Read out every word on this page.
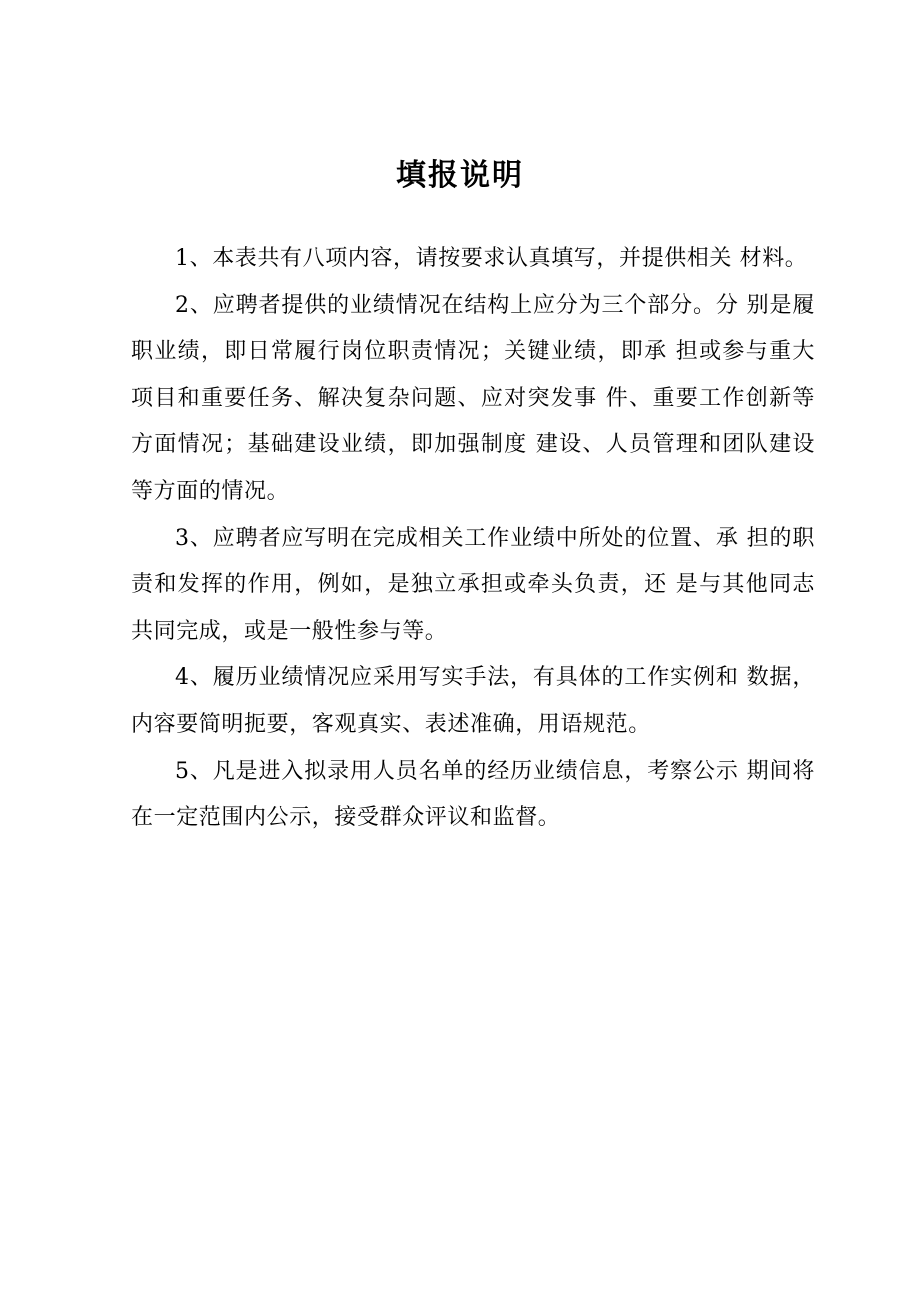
填报说明

1、本表共有八项内容，请按要求认真填写，并提供相关 材料。

2、应聘者提供的业绩情况在结构上应分为三个部分。分 别是履职业绩，即日常履行岗位职责情况；关键业绩，即承 担或参与重大项目和重要任务、解决复杂问题、应对突发事 件、重要工作创新等方面情况；基础建设业绩，即加强制度 建设、人员管理和团队建设等方面的情况。

3、应聘者应写明在完成相关工作业绩中所处的位置、承 担的职责和发挥的作用，例如，是独立承担或牵头负责，还 是与其他同志共同完成，或是一般性参与等。

4、履历业绩情况应采用写实手法，有具体的工作实例和 数据，内容要简明扼要，客观真实、表述准确，用语规范。

5、凡是进入拟录用人员名单的经历业绩信息，考察公示 期间将在一定范围内公示，接受群众评议和监督。
